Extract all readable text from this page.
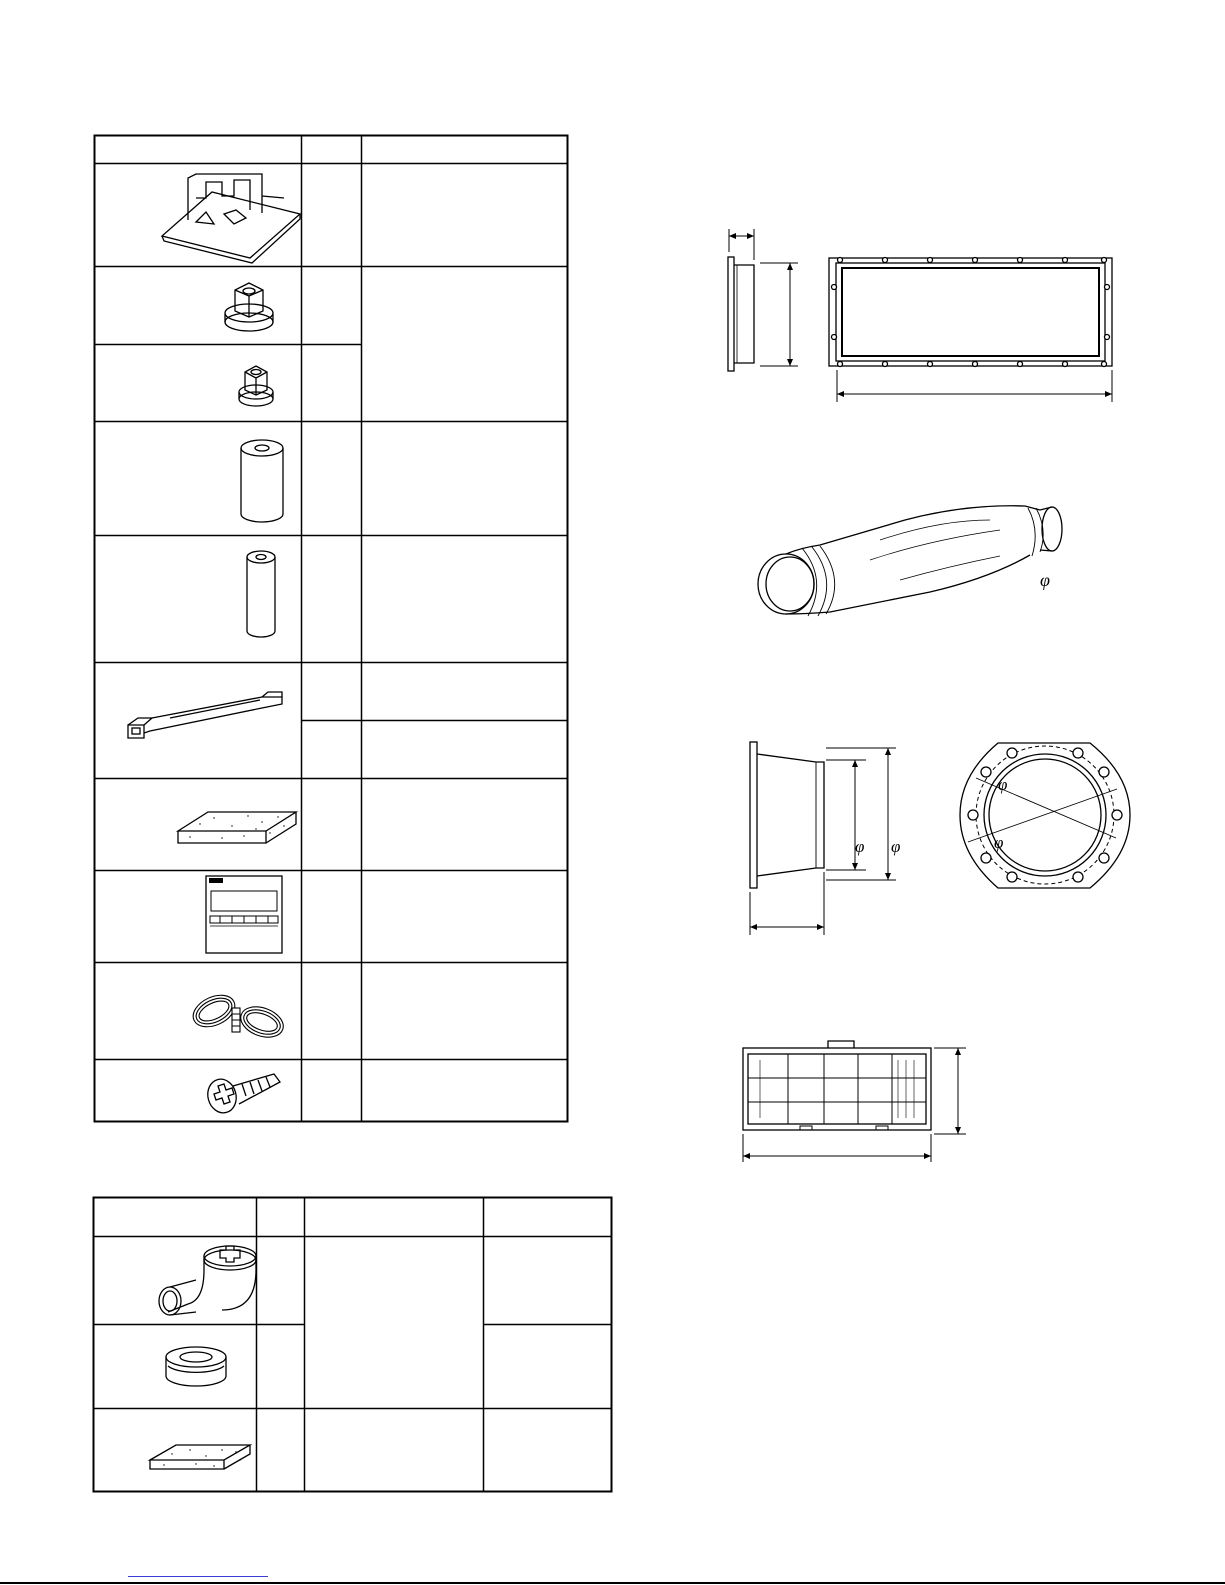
φ
φ φ
φ
φ
